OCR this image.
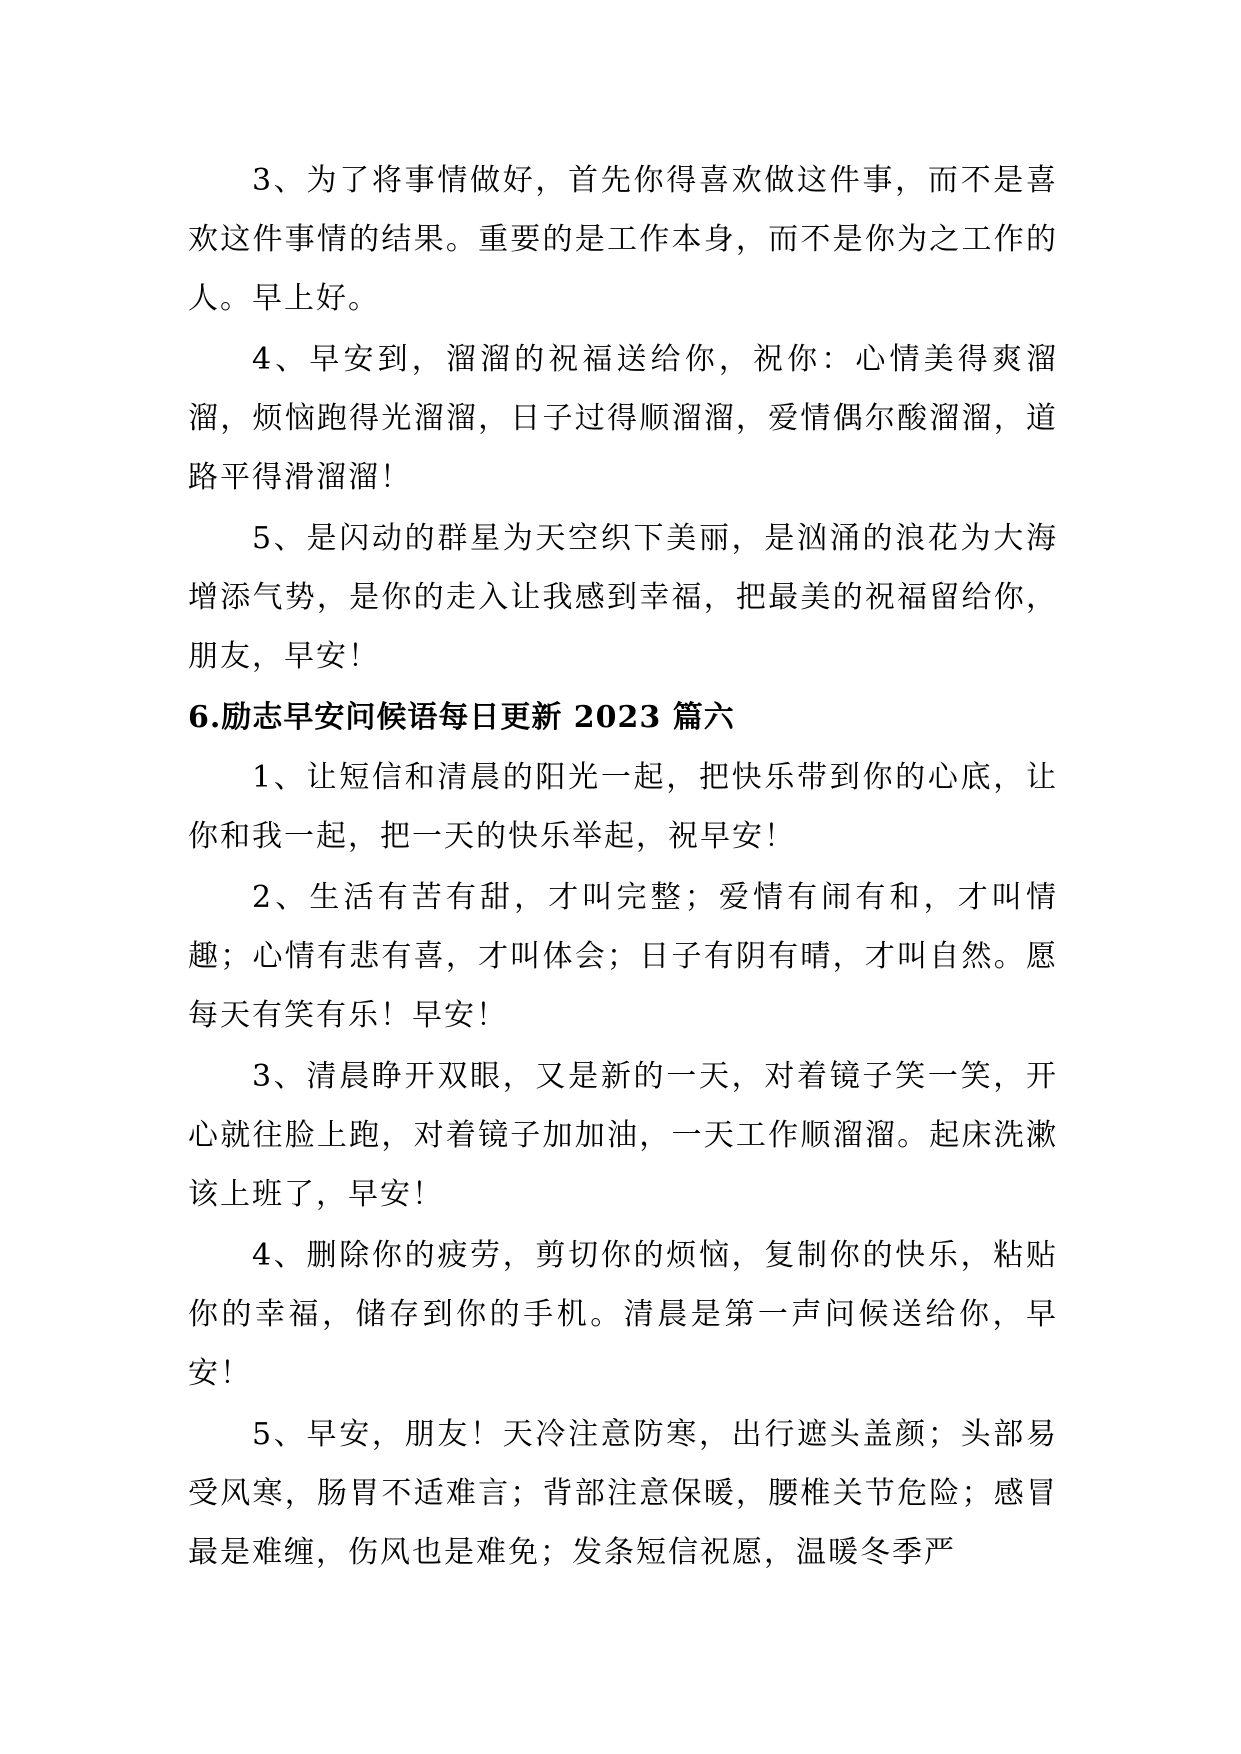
3、为了将事情做好，首先你得喜欢做这件事，而不是喜欢这件事情的结果。重要的是工作本身，而不是你为之工作的人。早上好。

4、早安到，溜溜的祝福送给你，祝你：心情美得爽溜溜，烦恼跑得光溜溜，日子过得顺溜溜，爱情偶尔酸溜溜，道路平得滑溜溜！

5、是闪动的群星为天空织下美丽，是汹涌的浪花为大海增添气势，是你的走入让我感到幸福，把最美的祝福留给你，朋友，早安！

6.励志早安问候语每日更新 2023 篇六

1、让短信和清晨的阳光一起，把快乐带到你的心底，让你和我一起，把一天的快乐举起，祝早安！

2、生活有苦有甜，才叫完整；爱情有闹有和，才叫情趣；心情有悲有喜，才叫体会；日子有阴有晴，才叫自然。愿每天有笑有乐！早安！

3、清晨睁开双眼，又是新的一天，对着镜子笑一笑，开心就往脸上跑，对着镜子加加油，一天工作顺溜溜。起床洗漱该上班了，早安！

4、删除你的疲劳，剪切你的烦恼，复制你的快乐，粘贴你的幸福，储存到你的手机。清晨是第一声问候送给你，早安！

5、早安，朋友！天冷注意防寒，出行遮头盖颜；头部易受风寒，肠胃不适难言；背部注意保暖，腰椎关节危险；感冒最是难缠，伤风也是难免；发条短信祝愿，温暖冬季严
